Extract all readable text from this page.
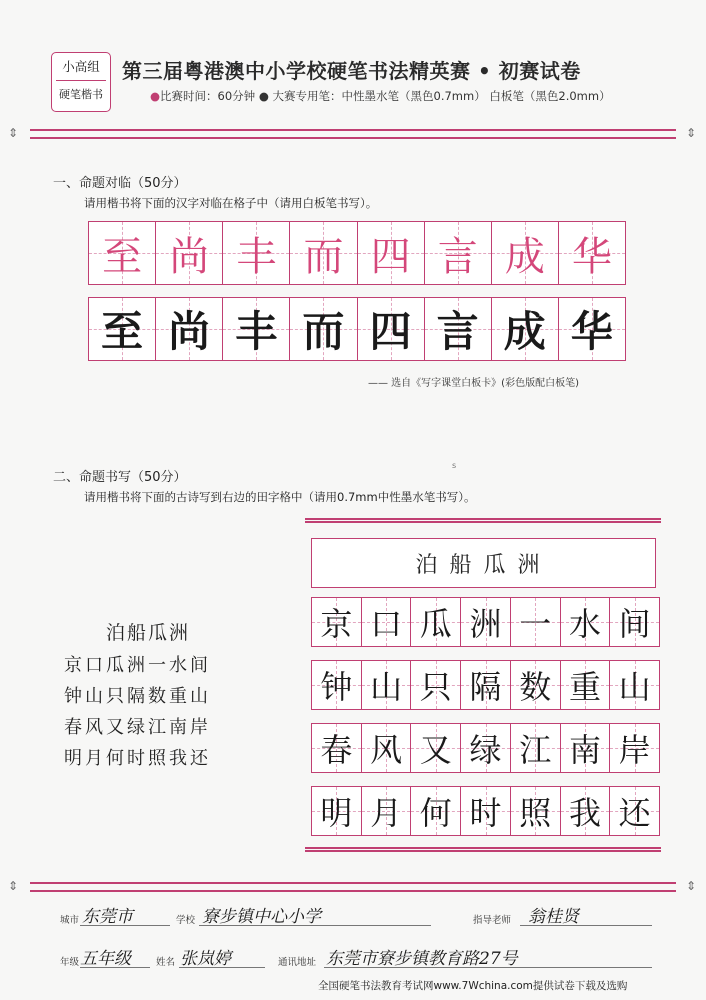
小高组
硬笔楷书
第三届粤港澳中小学校硬笔书法精英赛 • 初赛试卷
●比赛时间：60分钟 ● 大赛专用笔：中性墨水笔（黑色0.7mm） 白板笔（黑色2.0mm）
⇕	⇕
一、命题对临（50分）
请用楷书将下面的汉字对临在格子中（请用白板笔书写）。
至 尚 丰 而 四 言 成 华
至 尚 丰 而 四 言 成 华
—— 选自《写字课堂白板卡》(彩色版配白板笔)
s
二、命题书写（50分）
请用楷书将下面的古诗写到右边的田字格中（请用0.7mm中性墨水笔书写）。
泊船瓜洲
京口瓜洲一水间
钟山只隔数重山
春风又绿江南岸
明月何时照我还
泊船瓜洲
京 口 瓜 洲 一 水 间
钟 山 只 隔 数 重 山
春 风 又 绿 江 南 岸
明 月 何 时 照 我 还
⇕	⇕
城市 东莞市	学校 寮步镇中心小学	指导老师 翁桂贤
年级 五年级	姓名 张岚婷	通讯地址 东莞市寮步镇教育路27号
全国硬笔书法教育考试网www.7Wchina.com提供试卷下载及选购
